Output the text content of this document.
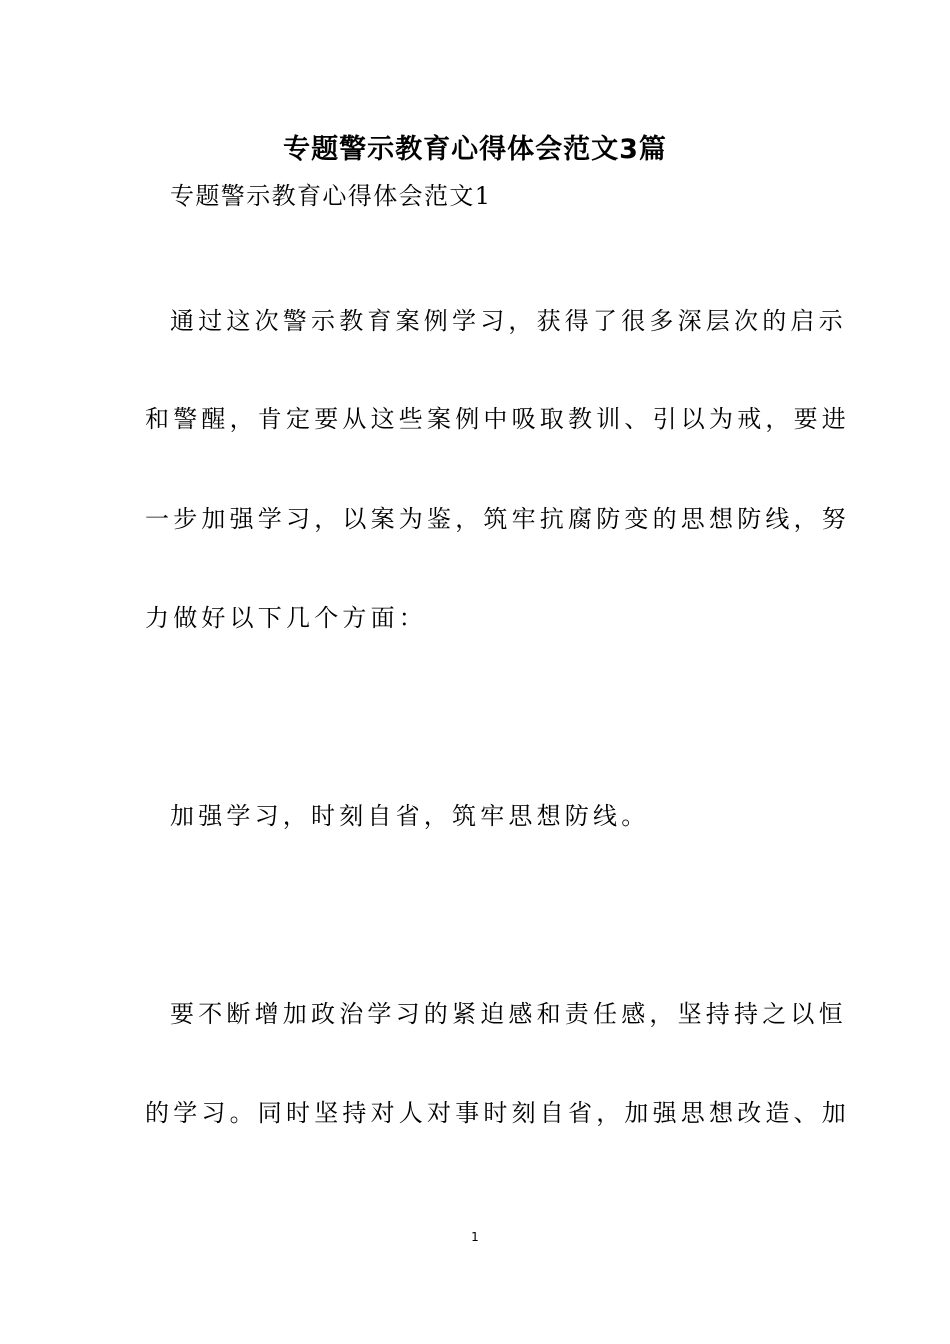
专题警示教育心得体会范文3篇
专题警示教育心得体会范文1
通过这次警示教育案例学习，获得了很多深层次的启示
和警醒，肯定要从这些案例中吸取教训、引以为戒，要进
一步加强学习，以案为鉴，筑牢抗腐防变的思想防线，努
力做好以下几个方面：
加强学习，时刻自省，筑牢思想防线。
要不断增加政治学习的紧迫感和责任感，坚持持之以恒
的学习。同时坚持对人对事时刻自省，加强思想改造、加
1
